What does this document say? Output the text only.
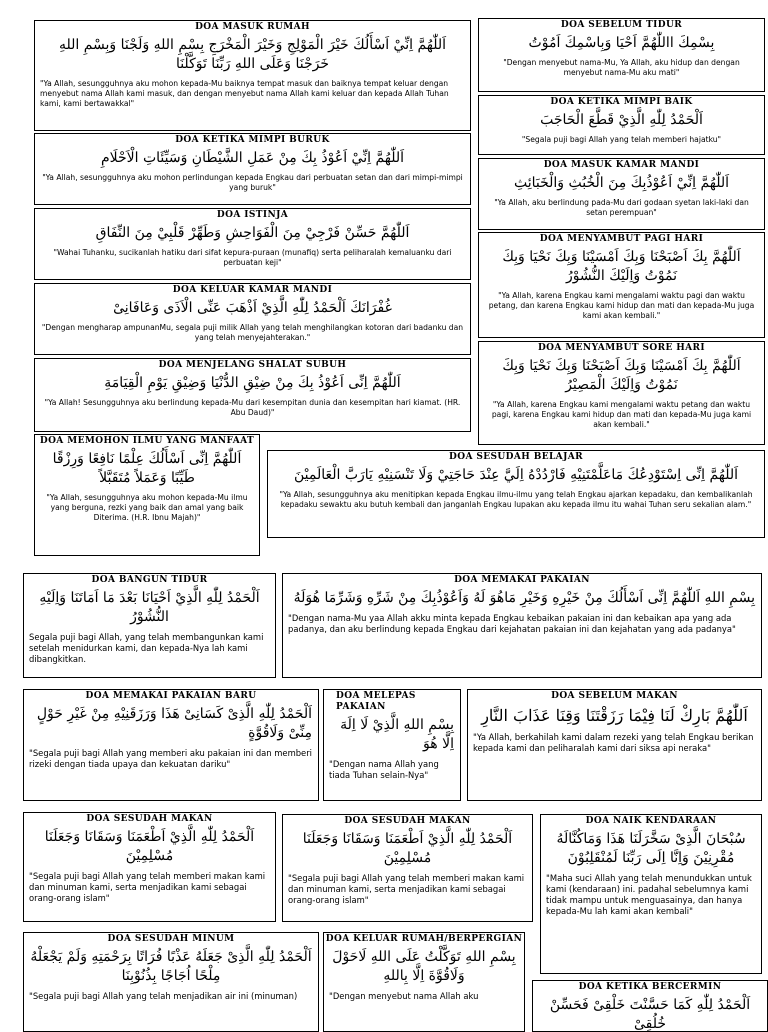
DOA MASUK RUMAH
اَللّٰهُمَّ اِنِّيْ اَسْأَلُكَ خَيْرَ الْمَوْلِجِ وَخَيْرَ الْمَخْرَجِ بِسْمِ اللهِ وَلَجْنَا وَبِسْمِ اللهِ خَرَجْنَا وَعَلَى اللهِ رَبِّنَا تَوَكَّلْنَا
"Ya Allah, sesungguhnya aku mohon kepada-Mu baiknya tempat masuk dan baiknya tempat keluar dengan menyebut nama Allah kami masuk, dan dengan menyebut nama Allah kami keluar dan kepada Allah Tuhan kami, kami bertawakkal"
DOA SEBELUM TIDUR
بِسْمِكَ االلّٰهُمَّ اَحْيَا وَبِاسْمِكَ اَمُوْتُ
"Dengan menyebut nama-Mu, Ya Allah, aku hidup dan dengan menyebut nama-Mu aku mati"
DOA KETIKA MIMPI BAIK
اَلْحَمْدُ لِلّٰهِ الَّذِيْ قَطَّعَ الْحَاجَبَ
"Segala puji bagi Allah yang telah memberi hajatku"
DOA KETIKA MIMPI BURUK
اَللّٰهُمَّ اِنِّيْ اَعُوْذُ بِكَ مِنْ عَمَلِ الشَّيْطَانِ وَسَيِّئَاتِ الْاَحْلَامِ
"Ya Allah, sesungguhnya aku mohon perlindungan kepada Engkau dari perbuatan setan dan dari mimpi-mimpi yang buruk"
DOA MASUK KAMAR MANDI
اَللّٰهُمَّ اِنِّيْ اَعُوْذُبِكَ مِنَ الْخُبُثِ وَالْخَبَائِثِ
"Ya Allah, aku berlindung pada-Mu dari godaan syetan laki-laki dan setan perempuan"
DOA ISTINJA
اَللّٰهُمَّ حَسِّنْ فَرْجِيْ مِنَ الْفَوَاحِشِ وَطَهِّرْ قَلْبِيْ مِنَ النِّفَاقِ
"Wahai Tuhanku, sucikanlah hatiku dari sifat kepura-puraan (munafiq) serta peliharalah kemaluanku dari perbuatan keji"
DOA MENYAMBUT PAGI HARI
اَللّٰهُمَّ بِكَ اَصْبَحْنَا وَبِكَ اَمْسَيْنَا وَبِكَ نَحْيَا وَبِكَ نَمُوْتُ وَاِلَيْكَ النُّشُوْرُ
"Ya Allah, karena Engkau kami mengalami waktu pagi dan waktu petang, dan karena Engkau kami hidup dan mati dan kepada-Mu juga kami akan kembali."
DOA KELUAR KAMAR MANDI
غُفْرَانَكَ اَلْحَمْدُ لِلّٰهِ الَّذِيْ اَذْهَبَ عَنِّى الْاَذَى وَعَافَانِىْ
"Dengan mengharap ampunanMu, segala puji milik Allah yang telah menghilangkan kotoran dari badanku dan yang telah menyejahterakan."
DOA MENYAMBUT SORE HARI
اَللّٰهُمَّ بِكَ اَمْسَيْنَا وَبِكَ اَصْبَحْنَا وَبِكَ نَحْيَا وَبِكَ نَمُوْتُ وَاِلَيْكَ الْمَصِيْرُ
"Ya Allah, karena Engkau kami mengalami waktu petang dan waktu pagi, karena Engkau kami hidup dan mati dan kepada-Mu juga kami akan kembali."
DOA MENJELANG SHALAT SUBUH
اَللّٰهُمَّ اِنِّى اَعُوْذُ بِكَ مِنْ ضِيْقِ الدُّنْيَا وَضِيْقِ يَوْمِ الْقِيَامَةِ
"Ya Allah! Sesungguhnya aku berlindung kepada-Mu dari kesempitan dunia dan kesempitan hari kiamat. (HR. Abu Daud)"
DOA MEMOHON ILMU YANG MANFAAT
اَللّٰهُمَّ اِنِّى اَسْأَلُكَ عِلْمًا نَافِعًا وَرِزْقًا طَيِّبًا وَعَمَلاً مُتَقَبَّلاً
"Ya Allah, sesungguhnya aku mohon kepada-Mu ilmu yang berguna, rezki yang baik dan amal yang baik Diterima. (H.R. Ibnu Majah)"
DOA SESUDAH BELAJAR
اَللّٰهُمَّ اِنِّى اِسْتَوْدِعُكَ مَاعَلَّمْتَنِيْهِ فَارْدُدْهُ اِلَيَّ عِنْدَ حَاجَتِيْ وَلَا تَنْسَنِيْهِ يَارَبَّ الْعَالَمِيْنَ
"Ya Allah, sesungguhnya aku menitipkan kepada Engkau ilmu-ilmu yang telah Engkau ajarkan kepadaku, dan kembalikanlah kepadaku sewaktu aku butuh kembali dan janganlah Engkau lupakan aku kepada ilmu itu wahai Tuhan seru sekalian alam."
DOA BANGUN TIDUR
اَلْحَمْدُ لِلّٰهِ الَّذِيْ اَحْيَانَا بَعْدَ مَا اَمَاتَنَا وَاِلَيْهِ النُّشُوْرُ
Segala puji bagi Allah, yang telah membangunkan kami setelah menidurkan kami, dan kepada-Nya lah kami dibangkitkan.
DOA MEMAKAI PAKAIAN
بِسْمِ اللهِ اَللّٰهُمَّ اِنِّى اَسْأَلُكَ مِنْ خَيْرِهِ وَخَيْرِ مَاهُوَ لَهُ وَاَعُوْذُبِكَ مِنْ شَرِّهِ وَشَرِّمَا هُوَلَهُ
"Dengan nama-Mu yaa Allah akku minta kepada Engkau kebaikan pakaian ini dan kebaikan apa yang ada padanya, dan aku berlindung kepada Engkau dari kejahatan pakaian ini dan kejahatan yang ada padanya"
DOA MEMAKAI PAKAIAN BARU
اَلْحَمْدُ لِلّٰهِ الَّذِىْ كَسَانِىْ هَذَا وَرَزَقَنِيْهِ مِنْ غَيْرِ حَوْلٍ مِنِّىْ وَلَاقُوَّةٍ
"Segala puji bagi Allah yang memberi aku pakaian ini dan memberi rizeki dengan tiada upaya dan kekuatan dariku"
DOA MELEPAS PAKAIAN
بِسْمِ اللهِ الَّذِيْ لَا اِلَهَ اِلَّا هُوَ
"Dengan nama Allah yang tiada Tuhan selain-Nya"
DOA SEBELUM MAKAN
اَللّٰهُمَّ بَارِكْ لَنَا فِيْمَا رَزَقْتَنَا وَقِنَا عَذَابَ النَّارِ
"Ya Allah, berkahilah kami dalam rezeki yang telah Engkau berikan kepada kami dan peliharalah kami dari siksa api neraka"
DOA SESUDAH MAKAN
اَلْحَمْدُ لِلّٰهِ الَّذِيْ اَطْعَمَنَا وَسَقَانَا وَجَعَلَنَا مُسْلِمِيْنَ
"Segala puji bagi Allah yang telah memberi makan kami dan minuman kami, serta menjadikan kami sebagai orang-orang islam"
DOA SESUDAH MAKAN
اَلْحَمْدُ لِلّٰهِ الَّذِيْ اَطْعَمَنَا وَسَقَانَا وَجَعَلَنَا مُسْلِمِيْنَ
"Segala puji bagi Allah yang telah memberi makan kami dan minuman kami, serta menjadikan kami sebagai orang-orang islam"
DOA NAIK KENDARAAN
سُبْحَانَ الَّذِىْ سَخَّرَلَنَا هَذَا وَمَاكُنَّالَهُ مُقْرِنِيْنَ وَاِنَّا اِلَى رَبِّنَا لَمُنْقَلِبُوْنَ
"Maha suci Allah yang telah menundukkan untuk kami (kendaraan) ini. padahal sebelumnya kami tidak mampu untuk menguasainya, dan hanya kepada-Mu lah kami akan kembali"
DOA SESUDAH MINUM
اَلْحَمْدُ لِلّٰهِ الَّذِىْ جَعَلَهُ عَذْبًا فُرَاتًا بِرَحْمَتِهِ وَلَمْ يَجْعَلْهُ مِلْحًا اُجَاجًا بِذُنُوْبِنَا
"Segala puji bagi Allah yang telah menjadikan air ini (minuman)
DOA KELUAR RUMAH/BERPERGIAN
بِسْمِ اللهِ تَوَكَّلْتُ عَلَى اللهِ لَاحَوْلَ وَلَاقُوَّةَ اِلَّا بِاللهِ
"Dengan menyebut nama Allah aku
DOA KETIKA BERCERMIN
اَلْحَمْدُ لِلّٰهِ كَمَا حَسَّنْتَ خَلْقِىْ فَحَسِّنْ خُلُقِىْ
